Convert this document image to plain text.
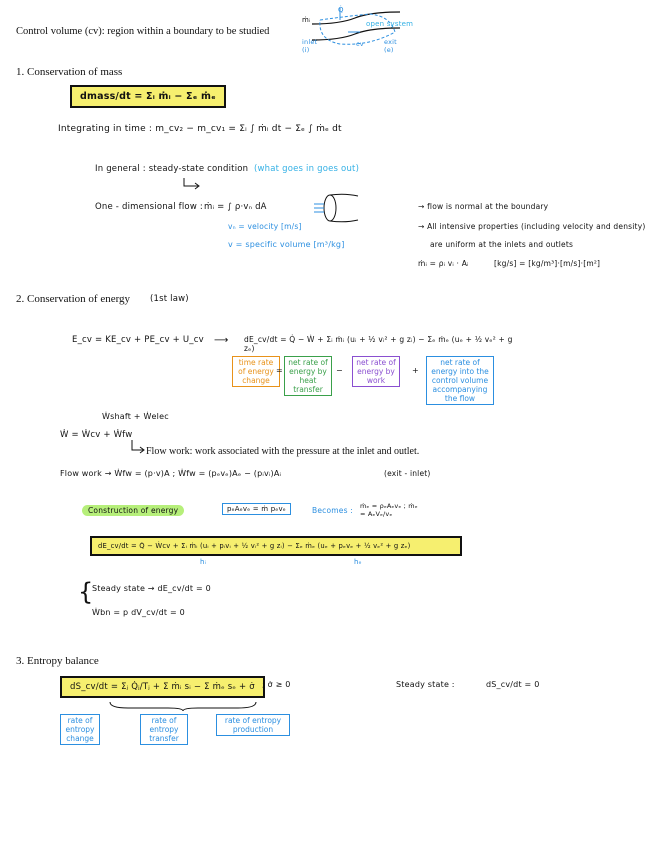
Control volume (cv): region within a boundary to be studied
ṁᵢ
Q̇
open system
inlet (i)
exit (e)
cv
1. Conservation of mass
dmass/dt = Σᵢ ṁᵢ − Σₑ ṁₑ
Integrating in time : m_cv₂ − m_cv₁ = Σᵢ ∫ ṁᵢ dt − Σₑ ∫ ṁₑ dt
In general : steady-state condition (what goes in goes out)
One - dimensional flow : ṁᵢ = ∫ ρ·vₙ dA
vₙ = velocity [m/s]
v = specific volume [m³/kg]
→ flow is normal at the boundary
→ All intensive properties (including velocity and density)
are uniform at the inlets and outlets
ṁᵢ = ρᵢ vᵢ · Aᵢ	[kg/s] = [kg/m³]·[m/s]·[m²]
2. Conservation of energy (1st law)
E_cv = KE_cv + PE_cv + U_cv ⟶ dE_cv/dt = Q̇ − Ẇ + Σᵢ ṁᵢ (uᵢ + ½ vᵢ² + g zᵢ) − Σₑ ṁₑ (uₑ + ½ vₑ² + g zₑ)
time rate of energy change
=
net rate of energy by heat transfer
−
net rate of energy by work
+
net rate of energy into the control volume accompanying the flow
Ẇshaft + Ẇelec
Ẇ = Ẇcv + Ẇfw
Flow work: work associated with the pressure at the inlet and outlet.
Flow work → Ẇfw = (p·v)A ; Ẇfw = (pₑvₑ)Aₑ − (pᵢvᵢ)Aᵢ	(exit - inlet)
Construction of energy	pₑAₑvₑ = ṁ pₑvₑ	Becomes : ṁₑ = ρₑAₑvₑ ; ṁₑ = AₑVₑ/vₑ
dE_cv/dt = Q̇ − Ẇcv + Σᵢ ṁᵢ (uᵢ + pᵢvᵢ + ½ vᵢ² + g zᵢ) − Σₑ ṁₑ (uₑ + pₑvₑ + ½ vₑ² + g zₑ)
hᵢ	hₑ
{
Steady state → dE_cv/dt = 0
Ẇbn = p dV_cv/dt = 0
3. Entropy balance
dS_cv/dt = Σⱼ Q̇ⱼ/Tⱼ + Σ ṁᵢ sᵢ − Σ ṁₑ sₑ + σ̇ ; σ̇ ≥ 0	Steady state :	dS_cv/dt = 0
rate of entropy change
rate of entropy transfer
rate of entropy production
